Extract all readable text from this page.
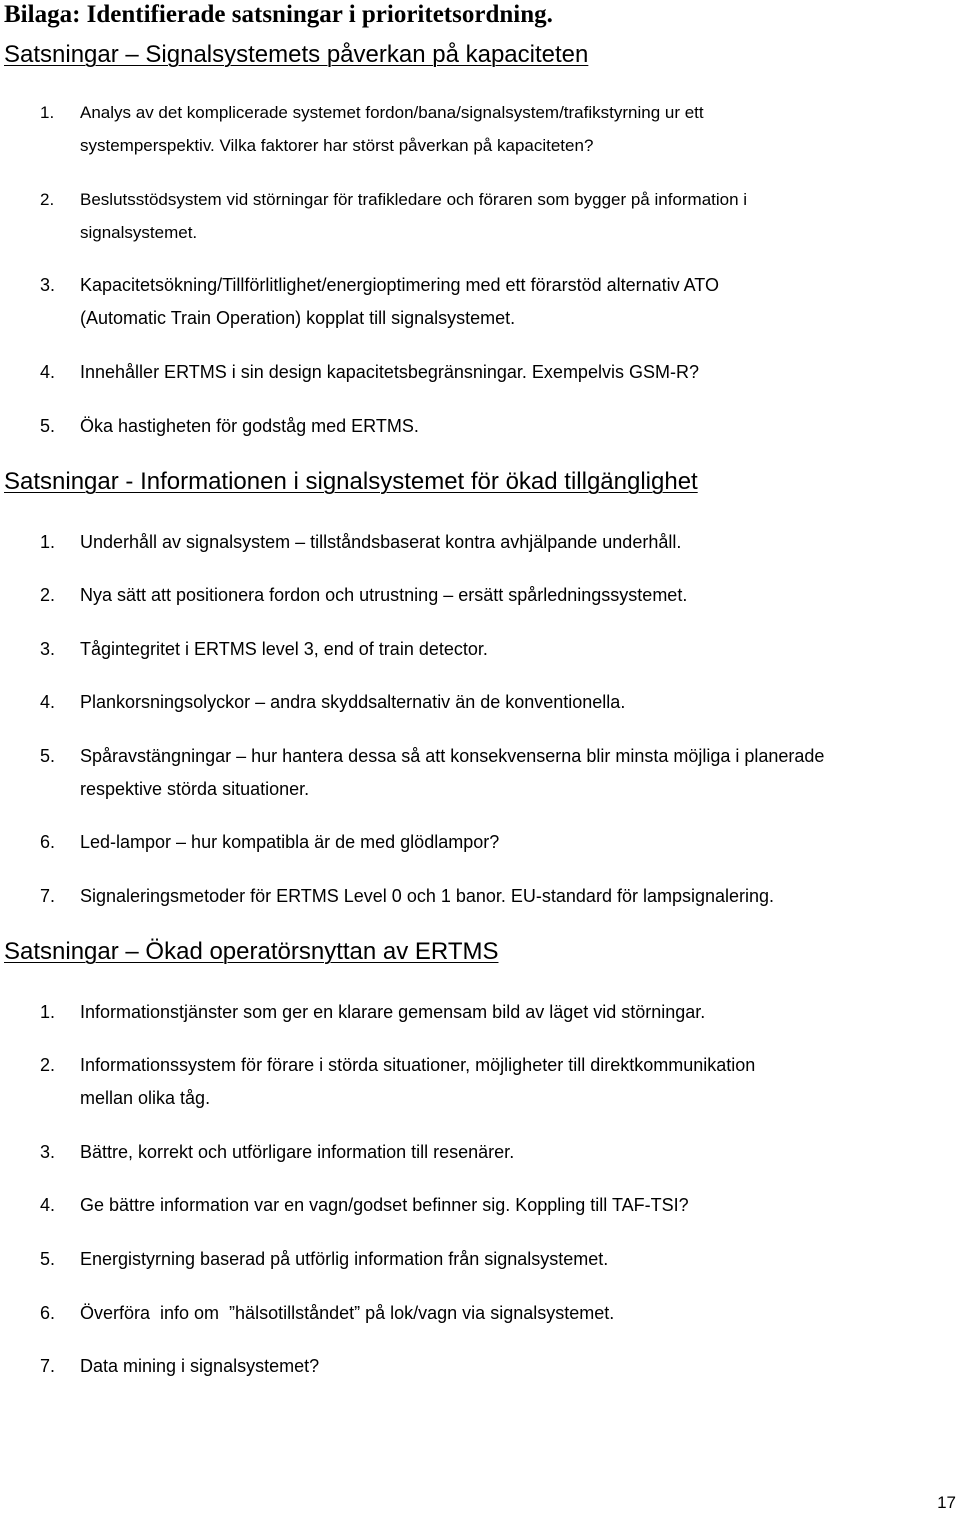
Bilaga: Identifierade satsningar i prioritetsordning.
Satsningar – Signalsystemets påverkan på kapaciteten
1. Analys av det komplicerade systemet fordon/bana/signalsystem/trafikstyrning ur ett
systemperspektiv. Vilka faktorer har störst påverkan på kapaciteten?
2. Beslutsstödsystem vid störningar för trafikledare och föraren som bygger på information i
signalsystemet.
3. Kapacitetsökning/Tillförlitlighet/energioptimering med ett förarstöd alternativ ATO
(Automatic Train Operation) kopplat till signalsystemet.
4. Innehåller ERTMS i sin design kapacitetsbegränsningar. Exempelvis GSM-R?
5. Öka hastigheten för godståg med ERTMS.
Satsningar - Informationen i signalsystemet för ökad tillgänglighet
1. Underhåll av signalsystem – tillståndsbaserat kontra avhjälpande underhåll.
2. Nya sätt att positionera fordon och utrustning – ersätt spårledningssystemet.
3. Tågintegritet i ERTMS level 3, end of train detector.
4. Plankorsningsolyckor – andra skyddsalternativ än de konventionella.
5. Spåravstängningar – hur hantera dessa så att konsekvenserna blir minsta möjliga i planerade
respektive störda situationer.
6. Led-lampor – hur kompatibla är de med glödlampor?
7. Signaleringsmetoder för ERTMS Level 0 och 1 banor. EU-standard för lampsignalering.
Satsningar – Ökad operatörsnyttan av ERTMS
1. Informationstjänster som ger en klarare gemensam bild av läget vid störningar.
2. Informationssystem för förare i störda situationer, möjligheter till direktkommunikation
mellan olika tåg.
3. Bättre, korrekt och utförligare information till resenärer.
4. Ge bättre information var en vagn/godset befinner sig. Koppling till TAF-TSI?
5. Energistyrning baserad på utförlig information från signalsystemet.
6. Överföra  info om  ”hälsotillståndet” på lok/vagn via signalsystemet.
7. Data mining i signalsystemet?
17
